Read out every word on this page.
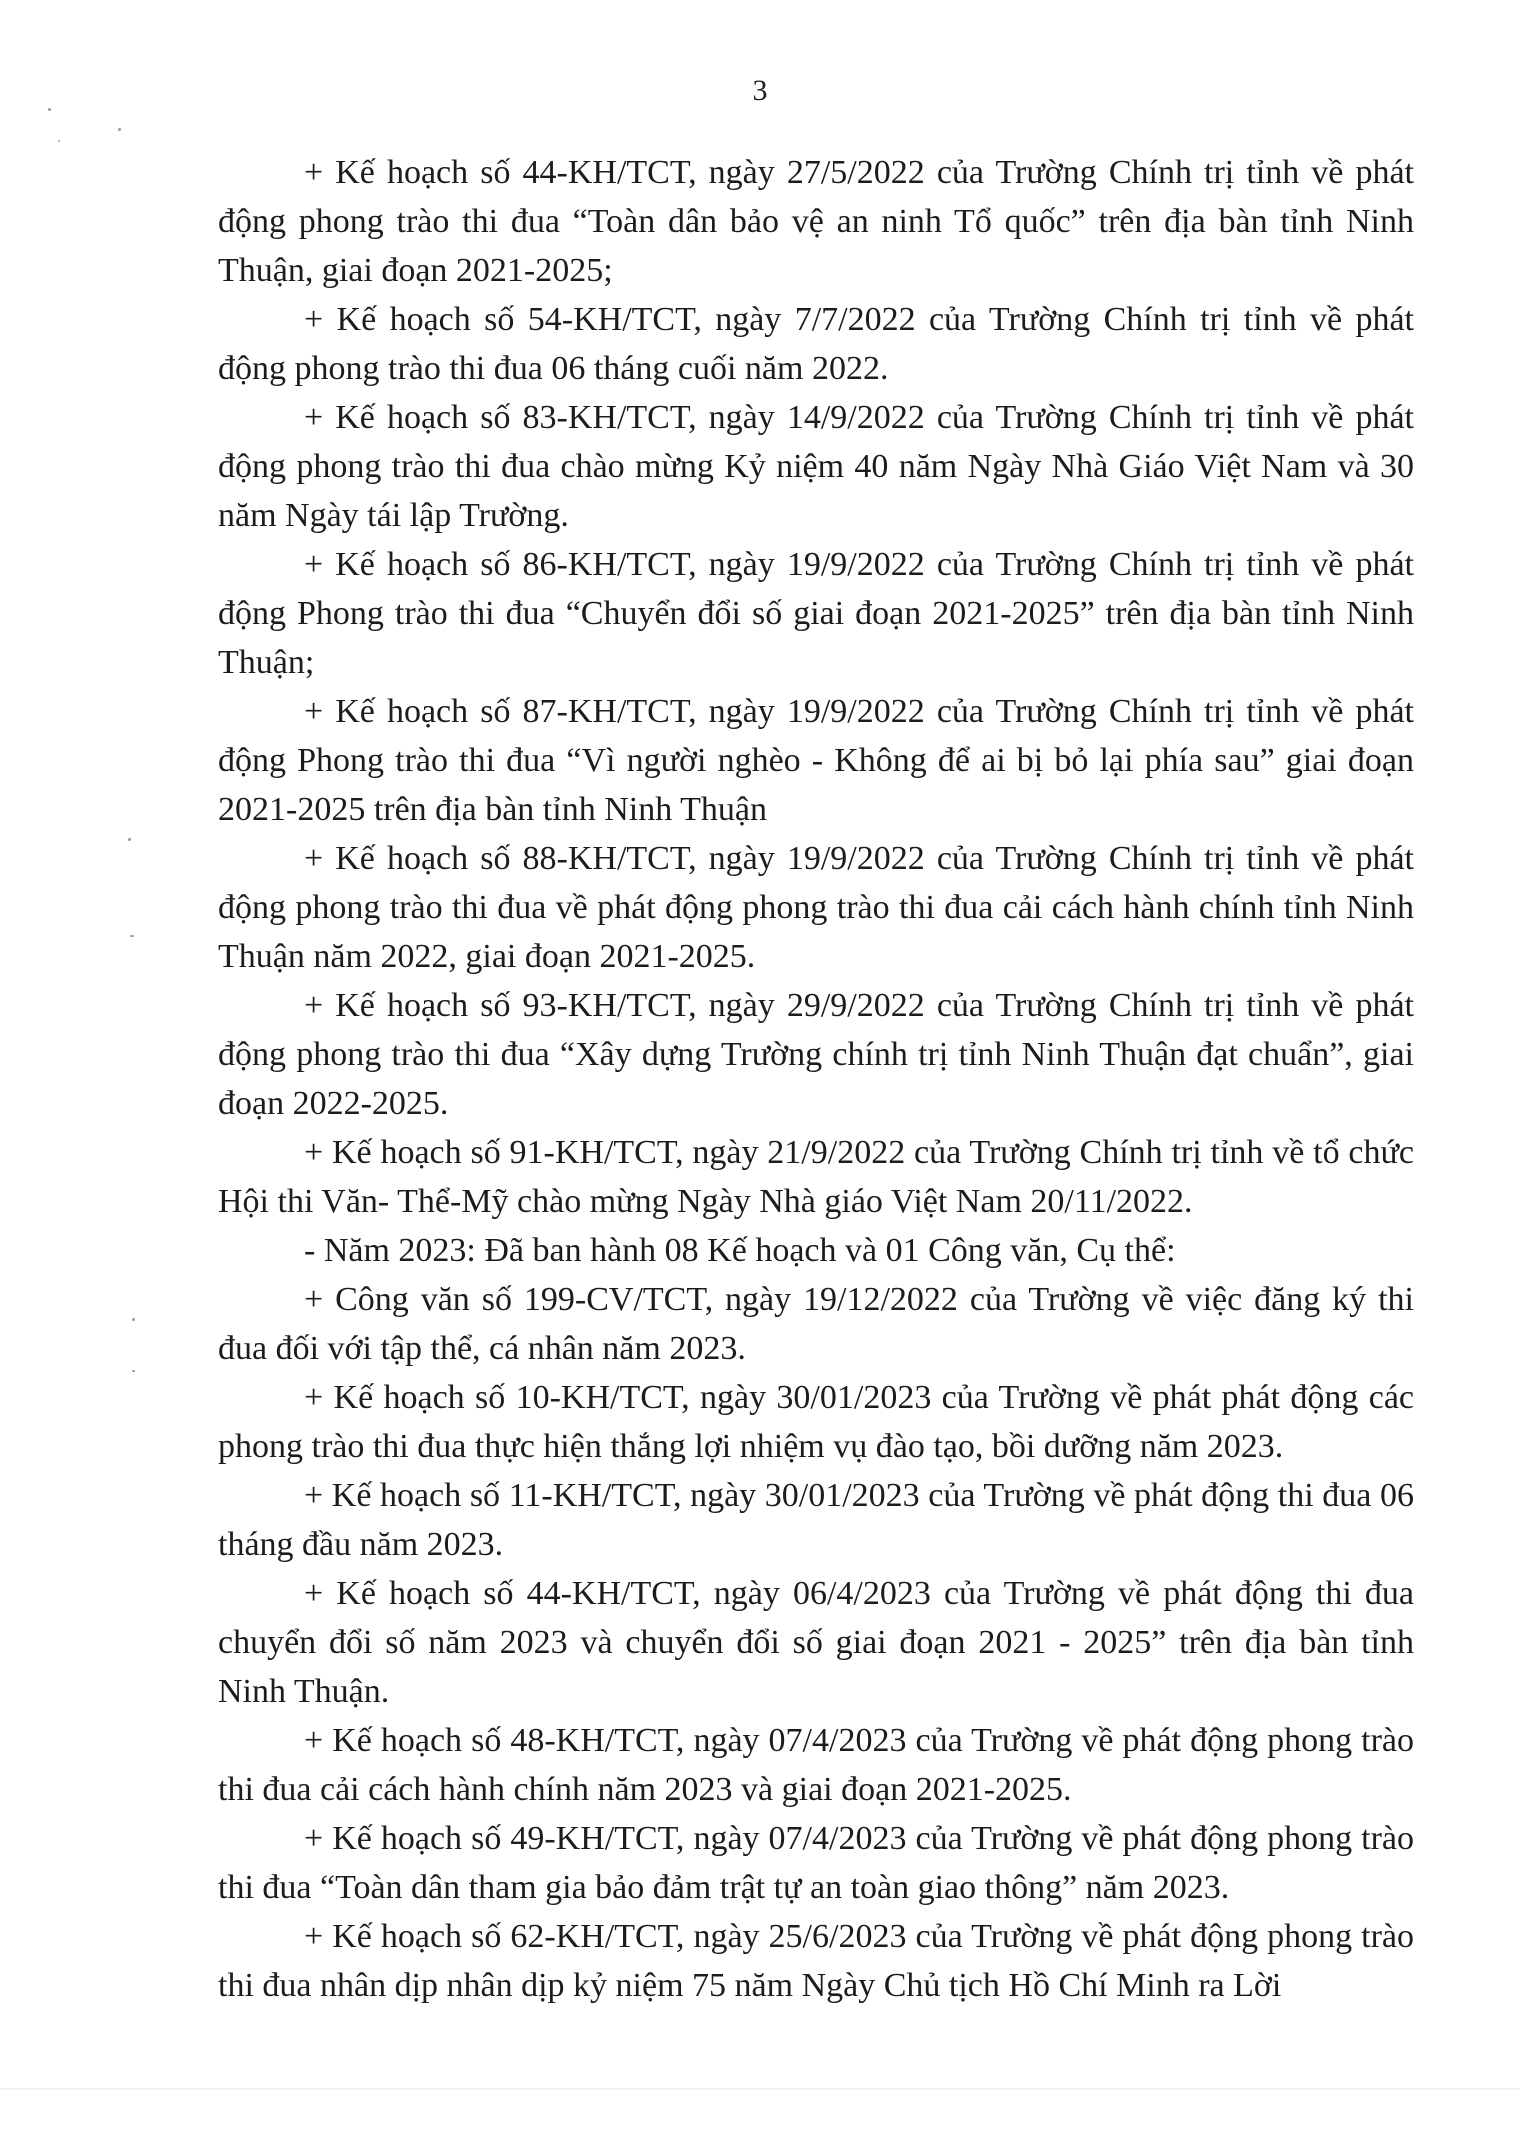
3

+ Kế hoạch số 44-KH/TCT, ngày 27/5/2022 của Trường Chính trị tỉnh về phát động phong trào thi đua “Toàn dân bảo vệ an ninh Tổ quốc” trên địa bàn tỉnh Ninh Thuận, giai đoạn 2021-2025;

+ Kế hoạch số 54-KH/TCT, ngày 7/7/2022 của Trường Chính trị tỉnh về phát động phong trào thi đua 06 tháng cuối năm 2022.

+ Kế hoạch số 83-KH/TCT, ngày 14/9/2022 của Trường Chính trị tỉnh về phát động phong trào thi đua chào mừng Kỷ niệm 40 năm Ngày Nhà Giáo Việt Nam và 30 năm Ngày tái lập Trường.

+ Kế hoạch số 86-KH/TCT, ngày 19/9/2022 của Trường Chính trị tỉnh về phát động Phong trào thi đua “Chuyển đổi số giai đoạn 2021-2025” trên địa bàn tỉnh Ninh Thuận;

+ Kế hoạch số 87-KH/TCT, ngày 19/9/2022 của Trường Chính trị tỉnh về phát động Phong trào thi đua “Vì người nghèo - Không để ai bị bỏ lại phía sau” giai đoạn 2021-2025 trên địa bàn tỉnh Ninh Thuận

+ Kế hoạch số 88-KH/TCT, ngày 19/9/2022 của Trường Chính trị tỉnh về phát động phong trào thi đua về phát động phong trào thi đua cải cách hành chính tỉnh Ninh Thuận năm 2022, giai đoạn 2021-2025.

+ Kế hoạch số 93-KH/TCT, ngày 29/9/2022 của Trường Chính trị tỉnh về phát động phong trào thi đua “Xây dựng Trường chính trị tỉnh Ninh Thuận đạt chuẩn”, giai đoạn 2022-2025.

+ Kế hoạch số 91-KH/TCT, ngày 21/9/2022 của Trường Chính trị tỉnh về tổ chức Hội thi Văn- Thể-Mỹ chào mừng Ngày Nhà giáo Việt Nam 20/11/2022.

- Năm 2023: Đã ban hành 08 Kế hoạch và 01 Công văn, Cụ thể:

+ Công văn số 199-CV/TCT, ngày 19/12/2022 của Trường về việc đăng ký thi đua đối với tập thể, cá nhân năm 2023.

+ Kế hoạch số 10-KH/TCT, ngày 30/01/2023 của Trường về phát phát động các phong trào thi đua thực hiện thắng lợi nhiệm vụ đào tạo, bồi dưỡng năm 2023.

+ Kế hoạch số 11-KH/TCT, ngày 30/01/2023 của Trường về phát động thi đua 06 tháng đầu năm 2023.

+ Kế hoạch số 44-KH/TCT, ngày 06/4/2023 của Trường về phát động thi đua chuyển đổi số năm 2023 và chuyển đổi số giai đoạn 2021 - 2025” trên địa bàn tỉnh Ninh Thuận.

+ Kế hoạch số 48-KH/TCT, ngày 07/4/2023 của Trường về phát động phong trào thi đua cải cách hành chính năm 2023 và giai đoạn 2021-2025.

+ Kế hoạch số 49-KH/TCT, ngày 07/4/2023 của Trường về phát động phong trào thi đua “Toàn dân tham gia bảo đảm trật tự an toàn giao thông” năm 2023.

+ Kế hoạch số 62-KH/TCT, ngày 25/6/2023 của Trường về phát động phong trào thi đua nhân dịp nhân dịp kỷ niệm 75 năm Ngày Chủ tịch Hồ Chí Minh ra Lời
